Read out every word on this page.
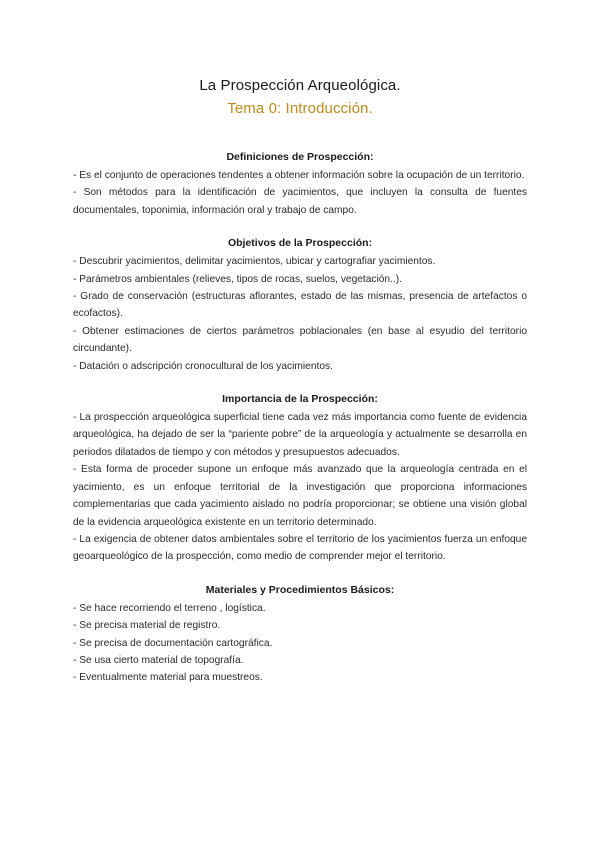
La Prospección Arqueológica.
Tema 0: Introducción.
Definiciones de Prospección:

- Es el conjunto de operaciones tendentes a obtener información sobre la ocupación de un territorio.

- Son métodos para la identificación de yacimientos, que incluyen la consulta de fuentes documentales, toponimia, información oral y trabajo de campo.

Objetivos de la Prospección:

- Descubrir yacimientos, delimitar yacimientos, ubicar y cartografiar yacimientos.

- Parámetros ambientales (relieves, tipos de rocas, suelos, vegetación..).

- Grado de conservación (estructuras aflorantes, estado de las mismas, presencia de artefactos o ecofactos).

- Obtener estimaciones de ciertos parámetros poblacionales (en base al esyudio del territorio circundante).

- Datación o adscripción cronocultural de los yacimientos.

Importancia de la Prospección:

- La prospección arqueológica superficial tiene cada vez más importancia como fuente de evidencia arqueológica, ha dejado de ser la “pariente pobre” de la arqueología y actualmente se desarrolla en periodos dilatados de tiempo y con métodos y presupuestos adecuados.

- Esta forma de proceder supone un enfoque más avanzado que la arqueología centrada en el yacimiento, es un enfoque territorial de la investigación que proporciona informaciones complementarias que cada yacimiento aislado no podría proporcionar; se obtiene una visión global de la evidencia arqueológica existente en un territorio determinado.

- La exigencia de obtener datos ambientales sobre el territorio de los yacimientos fuerza un enfoque geoarqueológico de la prospección, como medio de comprender mejor el territorio.

Materiales y Procedimientos Básicos:

- Se hace recorriendo el terreno , logística.

- Se precisa material de registro.

- Se precisa de documentación cartográfica.

- Se usa cierto material de topografía.

- Eventualmente material para muestreos.
